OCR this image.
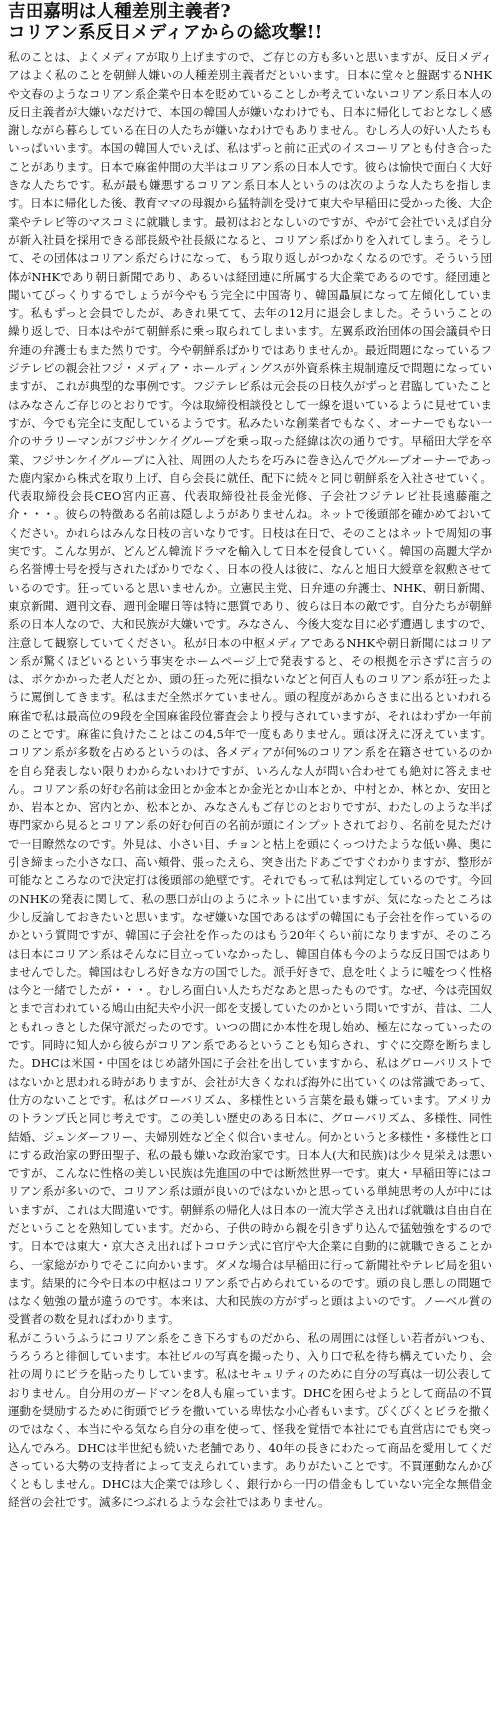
吉田嘉明は人種差別主義者?
コリアン系反日メディアからの総攻撃!!

私のことは、よくメディアが取り上げますので、ご存じの方も多いと思いますが、反日メディアはよく私のことを朝鮮人嫌いの人種差別主義者だといいます。日本に堂々と盤踞するNHKや文春のようなコリアン系企業や日本を貶めていることしか考えていないコリアン系日本人の反日主義者が大嫌いなだけで、本国の韓国人が嫌いなわけでも、日本に帰化しておとなしく感謝しながら暮らしている在日の人たちが嫌いなわけでもありません。むしろ人の好い人たちもいっぱいいます。本国の韓国人でいえば、私はずっと前に正式のイスコーリアとも付き合ったことがあります。日本で麻雀仲間の大半はコリアン系の日本人です。彼らは愉快で面白く大好きな人たちです。私が最も嫌悪するコリアン系日本人というのは次のような人たちを指します。日本に帰化した後、教育ママの母親から猛特訓を受けて東大や早稲田に受かった後、大企業やテレビ等のマスコミに就職します。最初はおとなしいのですが、やがて会社でいえば自分が新入社員を採用できる部長級や社長級になると、コリアン系ばかりを入れてしまう。そうして、その団体はコリアン系だらけになって、もう取り返しがつかなくなるのです。そういう団体がNHKであり朝日新聞であり、あるいは経団連に所属する大企業であるのです。経団連と聞いてびっくりするでしょうが今やもう完全に中国寄り、韓国贔屓になって左傾化しています。私もずっと会員でしたが、あきれ果てて、去年の12月に退会しました。そういうことの繰り返しで、日本はやがて朝鮮系に乗っ取られてしまいます。左翼系政治団体の国会議員や日弁連の弁護士もまた然りです。今や朝鮮系ばかりではありませんか。最近問題になっているフジテレビの親会社フジ・メディア・ホールディングスが外資系株主規制違反で問題になっていますが、これが典型的な事例です。フジテレビ系は元会長の日枝久がずっと君臨していたことはみなさんご存じのとおりです。今は取締役相談役として一線を退いているように見せていますが、今でも完全に支配しているようです。私みたいな創業者でもなく、オーナーでもない一介のサラリーマンがフジサンケイグループを乗っ取った経緯は次の通りです。早稲田大学を卒業、フジサンケイグループに入社、周囲の人たちを巧みに巻き込んでグループオーナーであった鹿内家から株式を取り上げ、自ら会長に就任、配下に続々と同じ朝鮮系を入社させていく。代表取締役会長CEO宮内正喜、代表取締役社長金光修、子会社フジテレビ社長遠藤龍之介・・・。彼らの特徴ある名前は隠しようがありませんね。ネットで後頭部を確かめておいてください。かれらはみんな日枝の言いなりです。日枝は在日で、そのことはネットで周知の事実です。こんな男が、どんどん韓流ドラマを輸入して日本を侵食していく。韓国の高麗大学から名誉博士号を授与されたばかりでなく、日本の役人は彼に、なんと旭日大綬章を叙勲させているのです。狂っていると思いませんか。立憲民主党、日弁連の弁護士、NHK、朝日新聞、東京新聞、週刊文春、週刊金曜日等は特に悪質であり、彼らは日本の敵です。自分たちが朝鮮系の日本人なので、大和民族が大嫌いです。みなさん、今後大変な目に必ず遭遇しますので、注意して観察していてください。私が日本の中枢メディアであるNHKや朝日新聞にはコリアン系が驚くほどいるという事実をホームページ上で発表すると、その根拠を示さずに言うのは、ボケかかった老人だとか、頭の狂った死に損ないなどと何百人ものコリアン系が狂ったように罵倒してきます。私はまだ全然ボケていません。頭の程度があからさまに出るといわれる麻雀で私は最高位の9段を全国麻雀段位審査会より授与されていますが、それはわずか一年前のことです。麻雀に負けたことはこの4,5年で一度もありません。頭は冴えに冴えています。コリアン系が多数を占めるというのは、各メディアが何%のコリアン系を在籍させているのかを自ら発表しない限りわからないわけですが、いろんな人が問い合わせても絶対に答えません。コリアン系の好む名前は金田とか金本とか金光とか山本とか、中村とか、林とか、安田とか、岩本とか、宮内とか、松本とか、みなさんもご存じのとおりですが、わたしのような半ば専門家から見るとコリアン系の好む何百の名前が頭にインプットされており、名前を見ただけで一目瞭然なのです。外見は、小さい目、チョンと枯上を頭にくっつけたような低い鼻、奥に引き締まった小さな口、高い頬骨、張ったえら、突き出たドあごですぐわかりますが、整形が可能なところなので決定打は後頭部の絶壁です。それでもって私は判定しているのです。今回のNHKの発表に関して、私の悪口が山のようにネットに出ていますが、気になったところは少し反論しておきたいと思います。なぜ嫌いな国であるはずの韓国にも子会社を作っているのかという質問ですが、韓国に子会社を作ったのはもう20年くらい前になりますが、そのころは日本にコリアン系はそんなに目立っていなかったし、韓国自体も今のような反日国ではありませんでした。韓国はむしろ好きな方の国でした。派手好きで、息を吐くように嘘をつく性格は今と一緒でしたが・・・。むしろ面白い人たちだなあと思ったものです。なぜ、今は売国奴とまで言われている鳩山由紀夫や小沢一郎を支援していたのかという問いですが、昔は、二人ともれっきとした保守派だったのです。いつの間にか本性を現し始め、極左になっていったのです。同時に知人から彼らがコリアン系であるということも知らされ、すぐに交際を断ちました。DHCは米国・中国をはじめ諸外国に子会社を出していますから、私はグローバリストではないかと思われる時がありますが、会社が大きくなれば海外に出ていくのは常識であって、仕方のないことです。私はグローバリズム、多様性という言葉を最も嫌っています。アメリカのトランプ氏と同じ考えです。この美しい歴史のある日本に、グローバリズム、多様性、同性結婚、ジェンダーフリー、夫婦別姓など全く似合いません。何かというと多様性・多様性と口にする政治家の野田聖子、私の最も嫌いな政治家です。日本人(大和民族)は少々見栄えは悪いですが、こんなに性格の美しい民族は先進国の中では断然世界一です。東大・早稲田等にはコリアン系が多いので、コリアン系は頭が良いのではないかと思っている単純思考の人が中にはいますが、これは大間違いです。朝鮮系の帰化人は日本の一流大学さえ出れば就職は自由自在だということを熟知しています。だから、子供の時から親を引きずり込んで猛勉強をするのです。日本では東大・京大さえ出ればトコロテン式に官庁や大企業に自動的に就職できることから、一家総がかりでそこに向かいます。ダメな場合は早稲田に行って新聞社やテレビ局を狙います。結果的に今や日本の中枢はコリアン系で占められているのです。頭の良し悪しの問題ではなく勉強の量が違うのです。本来は、大和民族の方がずっと頭はよいのです。ノーベル賞の受賞者の数を見ればわかります。

私がこういうふうにコリアン系をこき下ろすものだから、私の周囲には怪しい若者がいつも、うろうろと徘徊しています。本社ビルの写真を撮ったり、入り口で私を待ち構えていたり、会社の周りにビラを貼ったりしています。私はセキュリティのために自分の写真は一切公表しておりません。自分用のガードマンを8人も雇っています。DHCを困らせようとして商品の不買運動を奨励するために街頭でビラを撒いている卑怯な小心者もいます。びくびくとビラを撒くのではなく、本当にやる気なら自分の車を使って、怪我を覚悟で本社にでも直営店にでも突っ込んでみろ。DHCは半世紀も続いた老舗であり、40年の長きにわたって商品を愛用してくださっている大勢の支持者によって支えられています。ありがたいことです。不買運動なんかびくともしません。DHCは大企業では珍しく、銀行から一円の借金もしていない完全な無借金経営の会社です。滅多につぶれるような会社ではありません。
